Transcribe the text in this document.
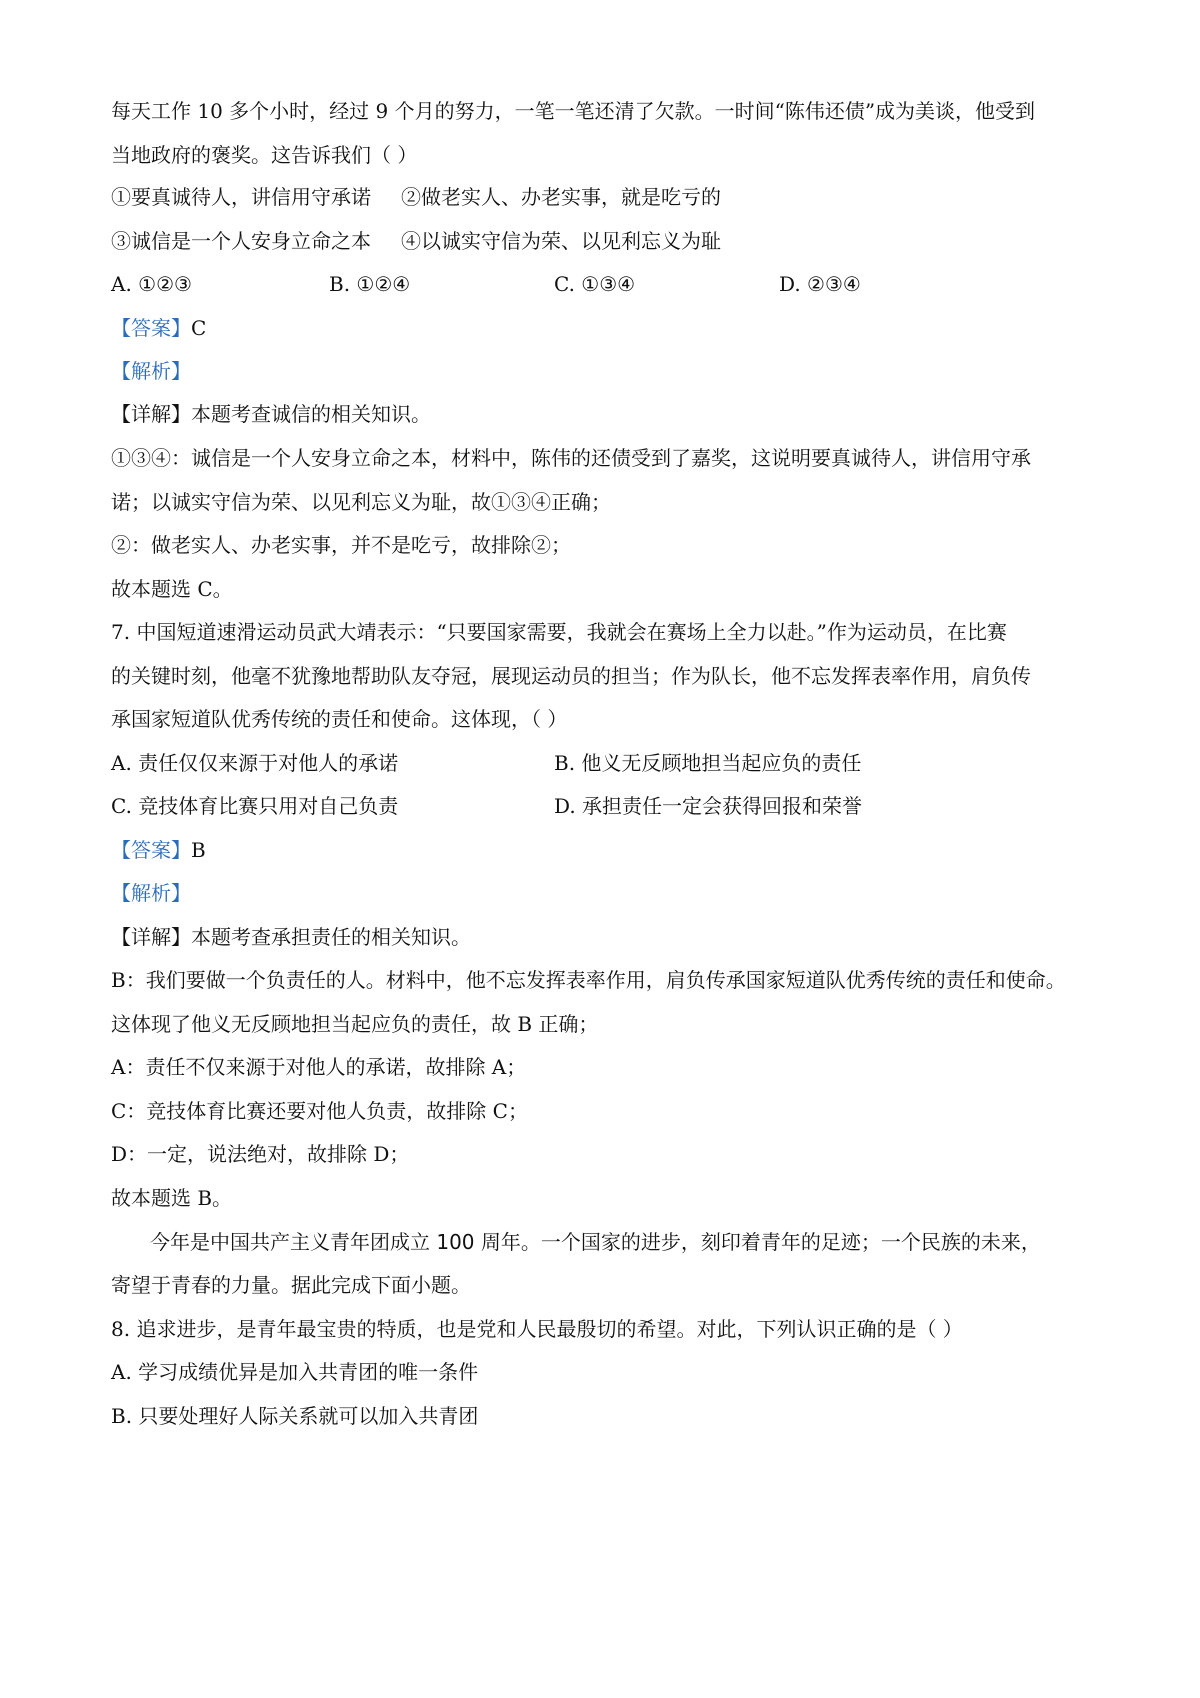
每天工作 10 多个小时，经过 9 个月的努力，一笔一笔还清了欠款。一时间“陈伟还债”成为美谈，他受到
当地政府的褒奖。这告诉我们（ ）
①要真诚待人，讲信用守承诺 ②做老实人、办老实事，就是吃亏的
③诚信是一个人安身立命之本 ④以诚实守信为荣、以见利忘义为耻
A. ①②③	B. ①②④	C. ①③④	D. ②③④
【答案】C
【解析】
【详解】本题考查诚信的相关知识。
①③④：诚信是一个人安身立命之本，材料中，陈伟的还债受到了嘉奖，这说明要真诚待人，讲信用守承
诺；以诚实守信为荣、以见利忘义为耻，故①③④正确；
②：做老实人、办老实事，并不是吃亏，故排除②；
故本题选 C。
7. 中国短道速滑运动员武大靖表示：“只要国家需要，我就会在赛场上全力以赴。”作为运动员，在比赛
的关键时刻，他毫不犹豫地帮助队友夺冠，展现运动员的担当；作为队长，他不忘发挥表率作用，肩负传
承国家短道队优秀传统的责任和使命。这体现，（ ）
A. 责任仅仅来源于对他人的承诺	B. 他义无反顾地担当起应负的责任
C. 竞技体育比赛只用对自己负责	D. 承担责任一定会获得回报和荣誉
【答案】B
【解析】
【详解】本题考查承担责任的相关知识。
B：我们要做一个负责任的人。材料中，他不忘发挥表率作用，肩负传承国家短道队优秀传统的责任和使命。
这体现了他义无反顾地担当起应负的责任，故 B 正确；
A：责任不仅来源于对他人的承诺，故排除 A；
C：竞技体育比赛还要对他人负责，故排除 C；
D：一定，说法绝对，故排除 D；
故本题选 B。
今年是中国共产主义青年团成立 100 周年。一个国家的进步，刻印着青年的足迹；一个民族的未来，
寄望于青春的力量。据此完成下面小题。
8. 追求进步，是青年最宝贵的特质，也是党和人民最殷切的希望。对此，下列认识正确的是（ ）
A. 学习成绩优异是加入共青团的唯一条件
B. 只要处理好人际关系就可以加入共青团
